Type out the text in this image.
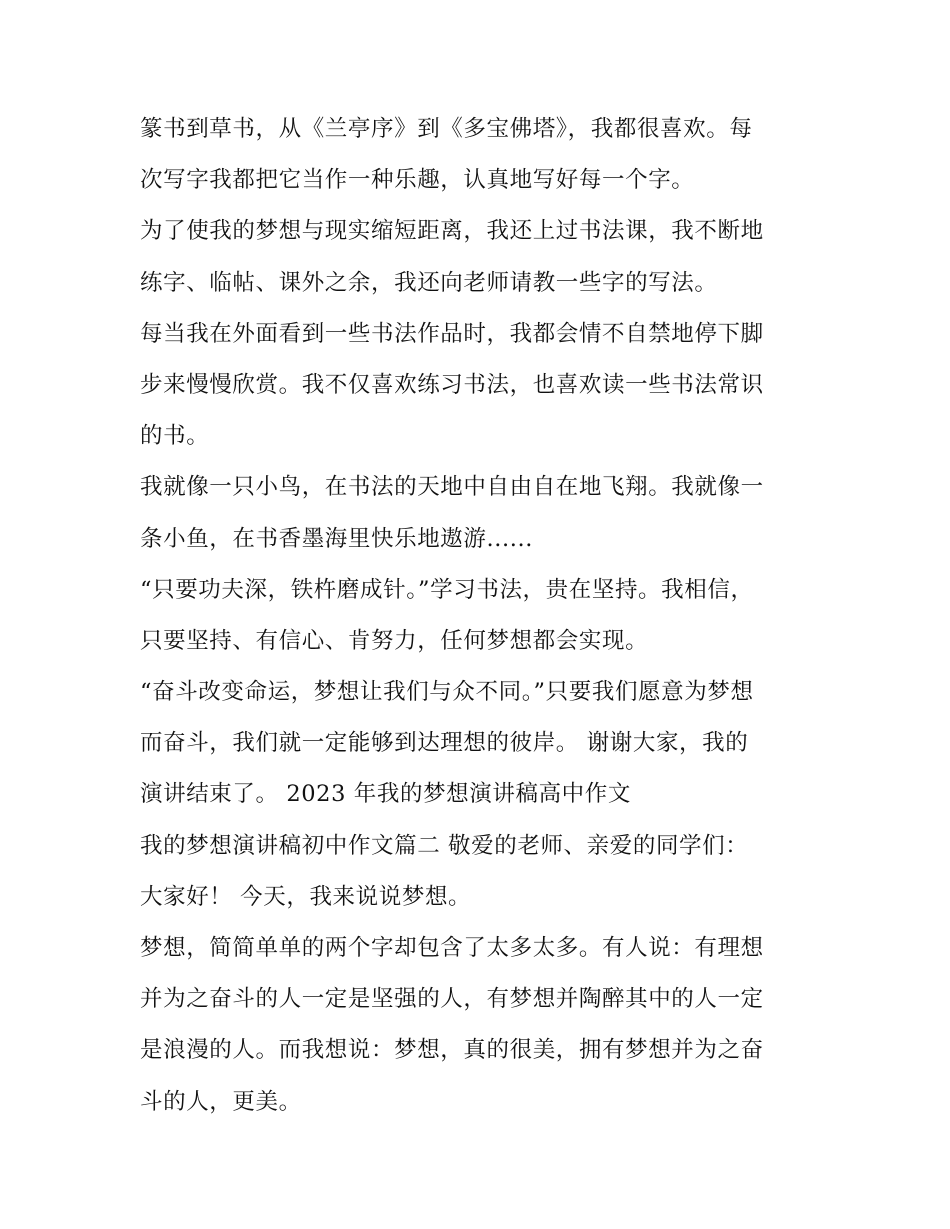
篆书到草书，从《兰亭序》到《多宝佛塔》，我都很喜欢。每
次写字我都把它当作一种乐趣，认真地写好每一个字。
为了使我的梦想与现实缩短距离，我还上过书法课，我不断地
练字、临帖、课外之余，我还向老师请教一些字的写法。
每当我在外面看到一些书法作品时，我都会情不自禁地停下脚
步来慢慢欣赏。我不仅喜欢练习书法，也喜欢读一些书法常识
的书。
我就像一只小鸟，在书法的天地中自由自在地飞翔。我就像一
条小鱼，在书香墨海里快乐地遨游......
“只要功夫深，铁杵磨成针。”学习书法，贵在坚持。我相信，
只要坚持、有信心、肯努力，任何梦想都会实现。
“奋斗改变命运，梦想让我们与众不同。”只要我们愿意为梦想
而奋斗，我们就一定能够到达理想的彼岸。 谢谢大家，我的
演讲结束了。 2023 年我的梦想演讲稿高中作文
我的梦想演讲稿初中作文篇二 敬爱的老师、亲爱的同学们：
大家好！ 今天，我来说说梦想。
梦想，简简单单的两个字却包含了太多太多。有人说：有理想
并为之奋斗的人一定是坚强的人，有梦想并陶醉其中的人一定
是浪漫的人。而我想说：梦想，真的很美，拥有梦想并为之奋
斗的人，更美。
